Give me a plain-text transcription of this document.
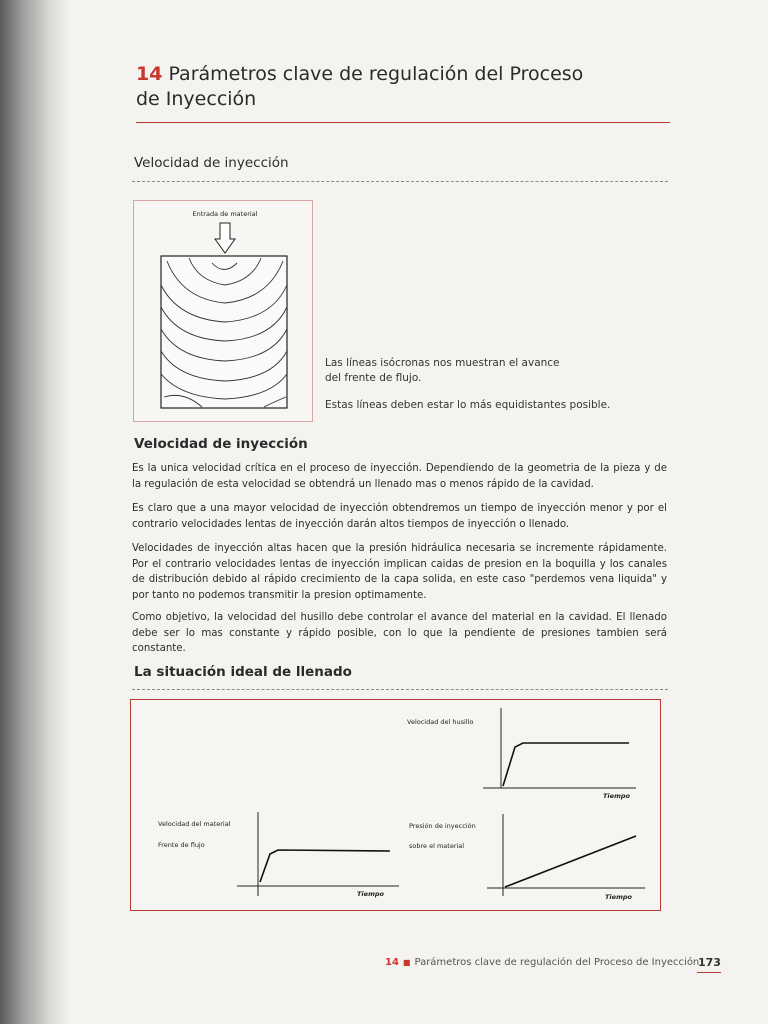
14 Parámetros clave de regulación del Proceso
de Inyección
Velocidad de inyección
Entrada de material
Las líneas isócronas nos muestran el avance del frente de flujo.
Estas líneas deben estar lo más equidistantes posible.
Velocidad de inyección

Es la unica velocidad crítica en el proceso de inyección. Dependiendo de la geometria de la pieza y de la regulación de esta velocidad se obtendrá un llenado mas o menos rápido de la cavidad.

Es claro que a una mayor velocidad de inyección obtendremos un tiempo de inyección menor y por el contrario velocidades lentas de inyección darán altos tiempos de inyección o llenado.

Velocidades de inyección altas hacen que la presión hidráulica necesaria se incremente rápidamente. Por el contrario velocidades lentas de inyección implican caidas de presion en la boquilla y los canales de distribución debido al rápido crecimiento de la capa solida, en este caso "perdemos vena liquida" y por tanto no podemos transmitir la presion optimamente.

Como objetivo, la velocidad del husillo debe controlar el avance del material en la cavidad. El llenado debe ser lo mas constante y rápido posible, con lo que la pendiente de presiones tambien será constante.

La situación ideal de llenado
Velocidad del husillo
Tiempo
Velocidad del material
Frente de flujo
Tiempo
Presión de inyección
sobre el material
Tiempo
14 ■ Parámetros clave de regulación del Proceso de Inyección
173
